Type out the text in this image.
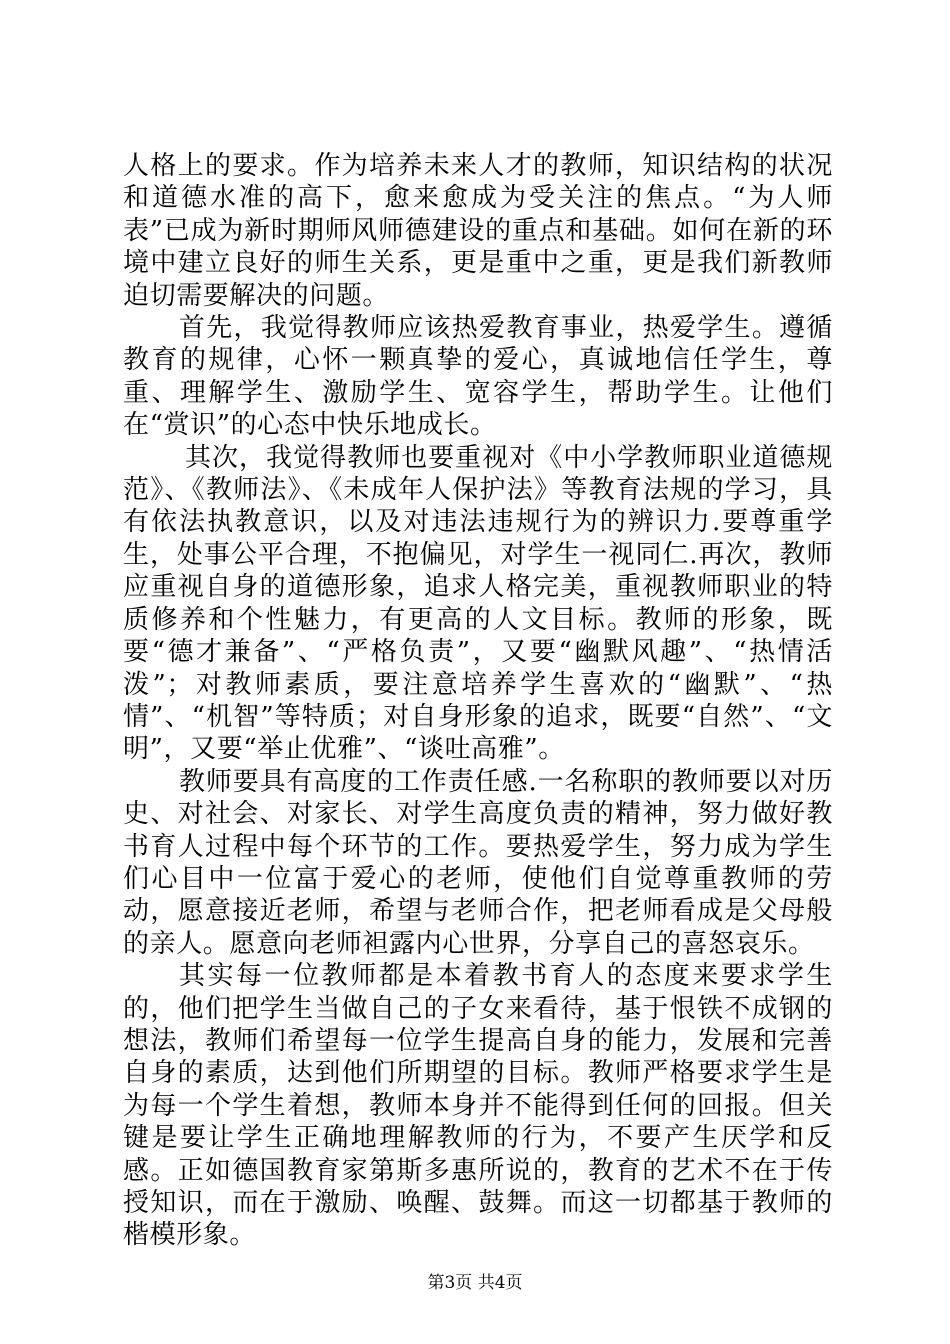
人格上的要求。作为培养未来人才的教师，知识结构的状况和道德水准的高下，愈来愈成为受关注的焦点。“为人师表”已成为新时期师风师德建设的重点和基础。如何在新的环境中建立良好的师生关系，更是重中之重，更是我们新教师迫切需要解决的问题。

首先，我觉得教师应该热爱教育事业，热爱学生。遵循教育的规律，心怀一颗真挚的爱心，真诚地信任学生，尊重、理解学生、激励学生、宽容学生，帮助学生。让他们在“赏识”的心态中快乐地成长。

其次，我觉得教师也要重视对《中小学教师职业道德规范》、《教师法》、《未成年人保护法》等教育法规的学习，具有依法执教意识，以及对违法违规行为的辨识力.要尊重学生，处事公平合理，不抱偏见，对学生一视同仁.再次，教师应重视自身的道德形象，追求人格完美，重视教师职业的特质修养和个性魅力，有更高的人文目标。教师的形象，既要“德才兼备”、“严格负责”，又要“幽默风趣”、“热情活泼”；对教师素质，要注意培养学生喜欢的“幽默”、“热情”、“机智”等特质；对自身形象的追求，既要“自然”、“文明”，又要“举止优雅”、“谈吐高雅”。

教师要具有高度的工作责任感.一名称职的教师要以对历史、对社会、对家长、对学生高度负责的精神，努力做好教书育人过程中每个环节的工作。要热爱学生，努力成为学生们心目中一位富于爱心的老师，使他们自觉尊重教师的劳动，愿意接近老师，希望与老师合作，把老师看成是父母般的亲人。愿意向老师袒露内心世界，分享自己的喜怒哀乐。

其实每一位教师都是本着教书育人的态度来要求学生的，他们把学生当做自己的子女来看待，基于恨铁不成钢的想法，教师们希望每一位学生提高自身的能力，发展和完善自身的素质，达到他们所期望的目标。教师严格要求学生是为每一个学生着想，教师本身并不能得到任何的回报。但关键是要让学生正确地理解教师的行为，不要产生厌学和反感。正如德国教育家第斯多惠所说的，教育的艺术不在于传授知识，而在于激励、唤醒、鼓舞。而这一切都基于教师的楷模形象。

第3页 共4页
